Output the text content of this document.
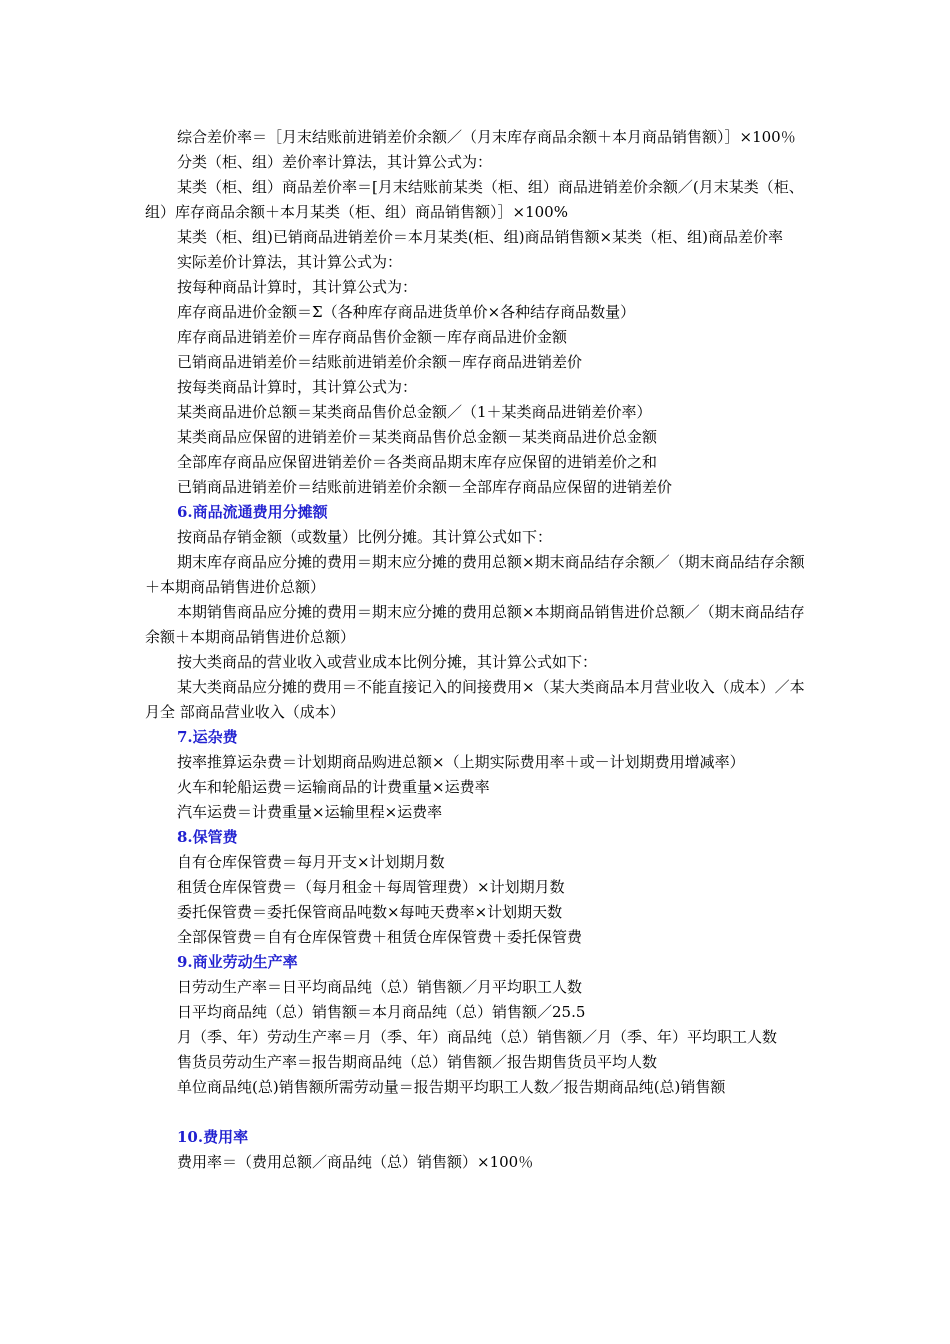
综合差价率＝［月末结账前进销差价余额／（月末库存商品余额＋本月商品销售额）］×100％

分类（柜、组）差价率计算法，其计算公式为：

某类（柜、组）商品差价率＝[月末结账前某类（柜、组）商品进销差价余额／(月末某类（柜、组）库存商品余额＋本月某类（柜、组）商品销售额）］×100%

某类（柜、组)已销商品进销差价＝本月某类(柜、组)商品销售额×某类（柜、组)商品差价率

实际差价计算法，其计算公式为：

按每种商品计算时，其计算公式为：

库存商品进价金额＝Σ（各种库存商品进货单价×各种结存商品数量）

库存商品进销差价＝库存商品售价金额－库存商品进价金额

已销商品进销差价＝结账前进销差价余额－库存商品进销差价

按每类商品计算时，其计算公式为：

某类商品进价总额＝某类商品售价总金额／（1＋某类商品进销差价率）

某类商品应保留的进销差价＝某类商品售价总金额－某类商品进价总金额

全部库存商品应保留进销差价＝各类商品期末库存应保留的进销差价之和

已销商品进销差价＝结账前进销差价余额－全部库存商品应保留的进销差价

6.商品流通费用分摊额

按商品存销金额（或数量）比例分摊。其计算公式如下：

期末库存商品应分摊的费用＝期末应分摊的费用总额×期末商品结存余额／（期末商品结存余额＋本期商品销售进价总额）

本期销售商品应分摊的费用＝期末应分摊的费用总额×本期商品销售进价总额／（期末商品结存余额＋本期商品销售进价总额）

按大类商品的营业收入或营业成本比例分摊，其计算公式如下：

某大类商品应分摊的费用＝不能直接记入的间接费用×（某大类商品本月营业收入（成本）／本月全 部商品营业收入（成本）

7.运杂费

按率推算运杂费＝计划期商品购进总额×（上期实际费用率＋或－计划期费用增减率）

火车和轮船运费＝运输商品的计费重量×运费率

汽车运费＝计费重量×运输里程×运费率

8.保管费

自有仓库保管费＝每月开支×计划期月数

租赁仓库保管费＝（每月租金＋每周管理费）×计划期月数

委托保管费＝委托保管商品吨数×每吨天费率×计划期天数

全部保管费＝自有仓库保管费＋租赁仓库保管费＋委托保管费

9.商业劳动生产率

日劳动生产率＝日平均商品纯（总）销售额／月平均职工人数

日平均商品纯（总）销售额＝本月商品纯（总）销售额／25.5

月（季、年）劳动生产率＝月（季、年）商品纯（总）销售额／月（季、年）平均职工人数

售货员劳动生产率＝报告期商品纯（总）销售额／报告期售货员平均人数

单位商品纯(总)销售额所需劳动量＝报告期平均职工人数／报告期商品纯(总)销售额

10.费用率

费用率＝（费用总额／商品纯（总）销售额）×100％
